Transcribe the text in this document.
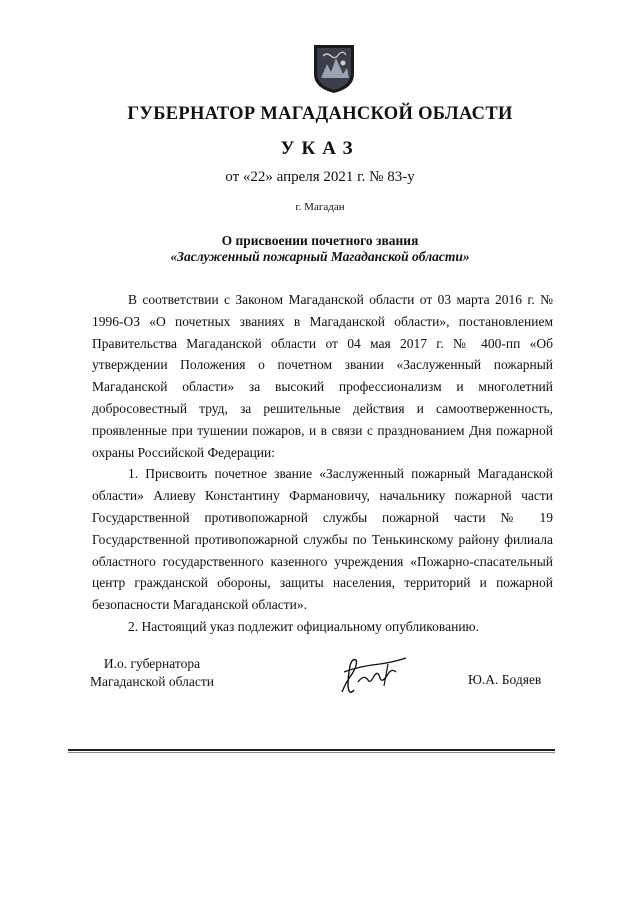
ГУБЕРНАТОР МАГАДАНСКОЙ ОБЛАСТИ
УКАЗ
от «22» апреля 2021 г. № 83-у
г. Магадан
О присвоении почетного звания
«Заслуженный пожарный Магаданской области»

В соответствии с Законом Магаданской области от 03 марта 2016 г. № 1996-ОЗ «О почетных званиях в Магаданской области», постановлением Правительства Магаданской области от 04 мая 2017 г. № 400-пп «Об утверждении Положения о почетном звании «Заслуженный пожарный Магаданской области» за высокий профессионализм и многолетний добросовестный труд, за решительные действия и самоотверженность, проявленные при тушении пожаров, и в связи с празднованием Дня пожарной охраны Российской Федерации:

1. Присвоить почетное звание «Заслуженный пожарный Магаданской области» Алиеву Константину Фармановичу, начальнику пожарной части Государственной противопожарной службы пожарной части № 19 Государственной противопожарной службы по Тенькинскому району филиала областного государственного казенного учреждения «Пожарно-спасательный центр гражданской обороны, защиты населения, территорий и пожарной безопасности Магаданской области».

2. Настоящий указ подлежит официальному опубликованию.

И.о. губернатора
Магаданской области	Ю.А. Бодяев
